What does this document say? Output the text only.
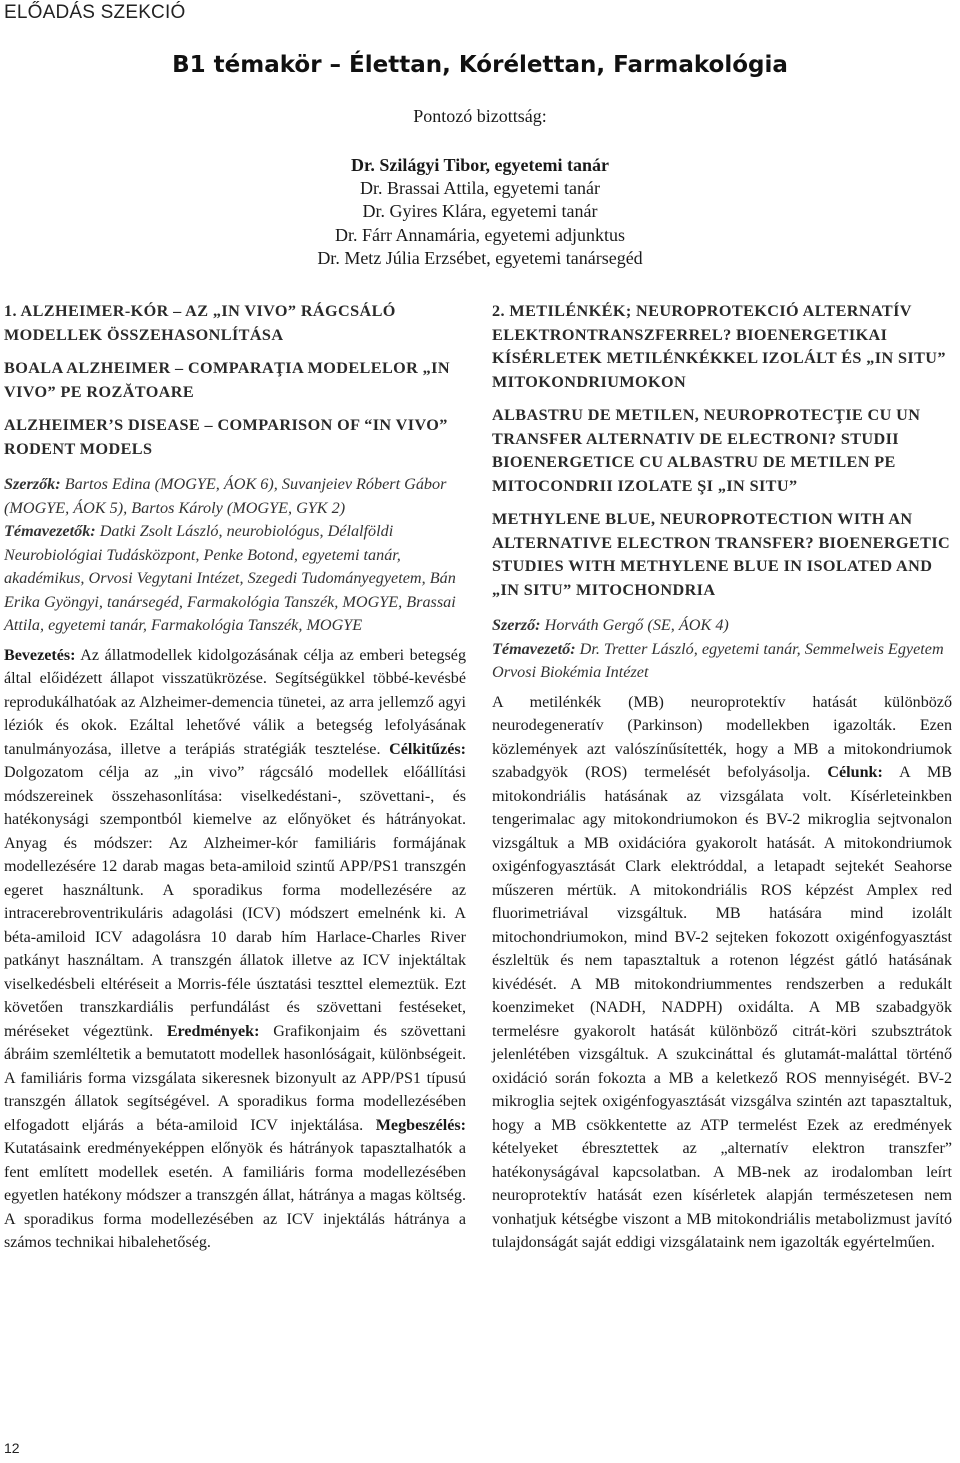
ELŐADÁS SZEKCIÓ
B1 témakör – Élettan, Kórélettan, Farmakológia
Pontozó bizottság:
Dr. Szilágyi Tibor, egyetemi tanár
Dr. Brassai Attila, egyetemi tanár
Dr. Gyires Klára, egyetemi tanár
Dr. Fárr Annamária, egyetemi adjunktus
Dr. Metz Júlia Erzsébet, egyetemi tanársegéd

1. ALZHEIMER-KÓR – AZ „IN VIVO” RÁGCSÁLÓ MODELLEK ÖSSZEHASONLÍTÁSA

BOALA ALZHEIMER – COMPARAŢIA MODELELOR „IN VIVO” PE ROZĂTOARE

ALZHEIMER’S DISEASE – COMPARISON OF “IN VIVO” RODENT MODELS

Szerzők: Bartos Edina (MOGYE, ÁOK 6), Suvanjeiev Róbert Gábor (MOGYE, ÁOK 5), Bartos Károly (MOGYE, GYK 2)
Témavezetők: Datki Zsolt László, neurobiológus, Délalföldi Neurobiológiai Tudásközpont, Penke Botond, egyetemi tanár, akadémikus, Orvosi Vegytani Intézet, Szegedi Tudományegyetem, Bán Erika Gyöngyi, tanársegéd, Farmakológia Tanszék, MOGYE, Brassai Attila, egyetemi tanár, Farmakológia Tanszék, MOGYE

Bevezetés: Az állatmodellek kidolgozásának célja az emberi betegség által előidézett állapot visszatükrözése. Segítségükkel többé-kevésbé reprodukálhatóak az Alzheimer-demencia tünetei, az arra jellemző agyi léziók és okok. Ezáltal lehetővé válik a betegség lefolyásának tanulmányozása, illetve a terápiás stratégiák tesztelése. Célkitűzés: Dolgozatom célja az „in vivo” rágcsáló modellek előállítási módszereinek összehasonlítása: viselkedéstani-, szövettani-, és hatékonysági szempontból kiemelve az előnyöket és hátrányokat. Anyag és módszer: Az Alzheimer-kór familiáris formájának modellezésére 12 darab magas beta-amiloid szintű APP/PS1 transzgén egeret használtunk. A sporadikus forma modellezésére az intracerebroventrikuláris adagolási (ICV) módszert emelnénk ki. A béta-amiloid ICV adagolásra 10 darab hím Harlace-Charles River patkányt használtam. A transzgén állatok illetve az ICV injektáltak viselkedésbeli eltéréseit a Morris-féle úsztatási teszttel elemeztük. Ezt követően transzkardiális perfundálást és szövettani festéseket, méréseket végeztünk. Eredmények: Grafikonjaim és szövettani ábráim szemléltetik a bemutatott modellek hasonlóságait, különbségeit. A familiáris forma vizsgálata sikeresnek bizonyult az APP/PS1 típusú transzgén állatok segítségével. A sporadikus forma modellezésében elfogadott eljárás a béta-amiloid ICV injektálása. Megbeszélés: Kutatásaink eredményeképpen előnyök és hátrányok tapasztalhatók a fent említett modellek esetén. A familiáris forma modellezésében egyetlen hatékony módszer a transzgén állat, hátránya a magas költség. A sporadikus forma modellezésében az ICV injektálás hátránya a számos technikai hibalehetőség.

2. METILÉNKÉK; NEUROPROTEKCIÓ ALTERNATÍV ELEKTRONTRANSZFERREL? BIOENERGETIKAI KÍSÉRLETEK METILÉNKÉKKEL IZOLÁLT ÉS „IN SITU” MITOKONDRIUMOKON

ALBASTRU DE METILEN, NEUROPROTECŢIE CU UN TRANSFER ALTERNATIV DE ELECTRONI? STUDII BIOENERGETICE CU ALBASTRU DE METILEN PE MITOCONDRII IZOLATE ŞI „IN SITU”

METHYLENE BLUE, NEUROPROTECTION WITH AN ALTERNATIVE ELECTRON TRANSFER? BIOENERGETIC STUDIES WITH METHYLENE BLUE IN ISOLATED AND „IN SITU” MITOCHONDRIA

Szerző: Horváth Gergő (SE, ÁOK 4)
Témavezető: Dr. Tretter László, egyetemi tanár, Semmelweis Egyetem Orvosi Biokémia Intézet

A metilénkék (MB) neuroprotektív hatását különböző neurodegeneratív (Parkinson) modellekben igazolták. Ezen közlemények azt valószínűsítették, hogy a MB a mitokondriumok szabadgyök (ROS) termelését befolyásolja. Célunk: A MB mitokondriális hatásának az vizsgálata volt. Kísérleteinkben tengerimalac agy mitokondriumokon és BV-2 mikroglia sejtvonalon vizsgáltuk a MB oxidációra gyakorolt hatását. A mitokondriumok oxigénfogyasztását Clark elektróddal, a letapadt sejtekét Seahorse műszeren mértük. A mitokondriális ROS képzést Amplex red fluorimetriával vizsgáltuk. MB hatására mind izolált mitochondriumokon, mind BV-2 sejteken fokozott oxigénfogyasztást észleltük és nem tapasztaltuk a rotenon légzést gátló hatásának kivédését. A MB mitokondriummentes rendszerben a redukált koenzimeket (NADH, NADPH) oxidálta. A MB szabadgyök termelésre gyakorolt hatását különböző citrát-köri szubsztrátok jelenlétében vizsgáltuk. A szukcináttal és glutamát-maláttal történő oxidáció során fokozta a MB a keletkező ROS mennyiségét. BV-2 mikroglia sejtek oxigénfogyasztását vizsgálva szintén azt tapasztaltuk, hogy a MB csökkentette az ATP termelést Ezek az eredmények kételyeket ébresztettek az „alternatív elektron transzfer” hatékonyságával kapcsolatban. A MB-nek az irodalomban leírt neuroprotektív hatását ezen kísérletek alapján természetesen nem vonhatjuk kétségbe viszont a MB mitokondriális metabolizmust javító tulajdonságát saját eddigi vizsgálataink nem igazolták egyértelműen.

12
